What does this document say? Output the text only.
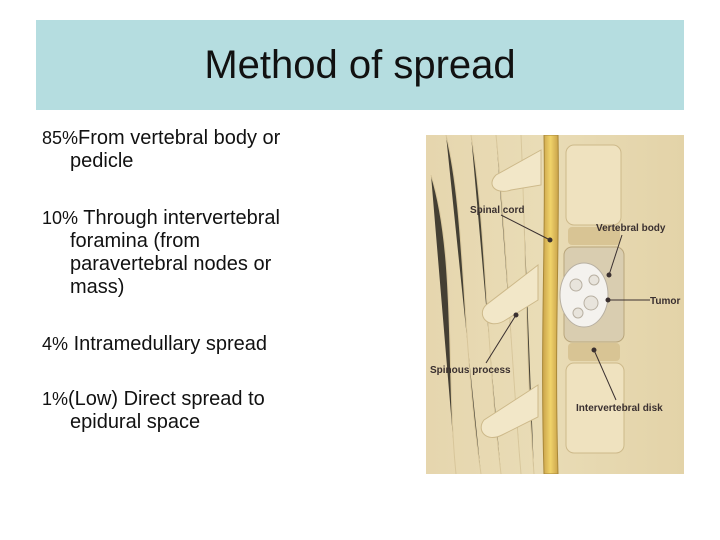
Method of spread
85%From vertebral body or
pedicle
10% Through intervertebral
foramina (from
paravertebral nodes or
mass)
4% Intramedullary spread
1%(Low) Direct spread to
epidural space
Spinal cord
Vertebral body
Tumor
Spinous process
Intervertebral disk
